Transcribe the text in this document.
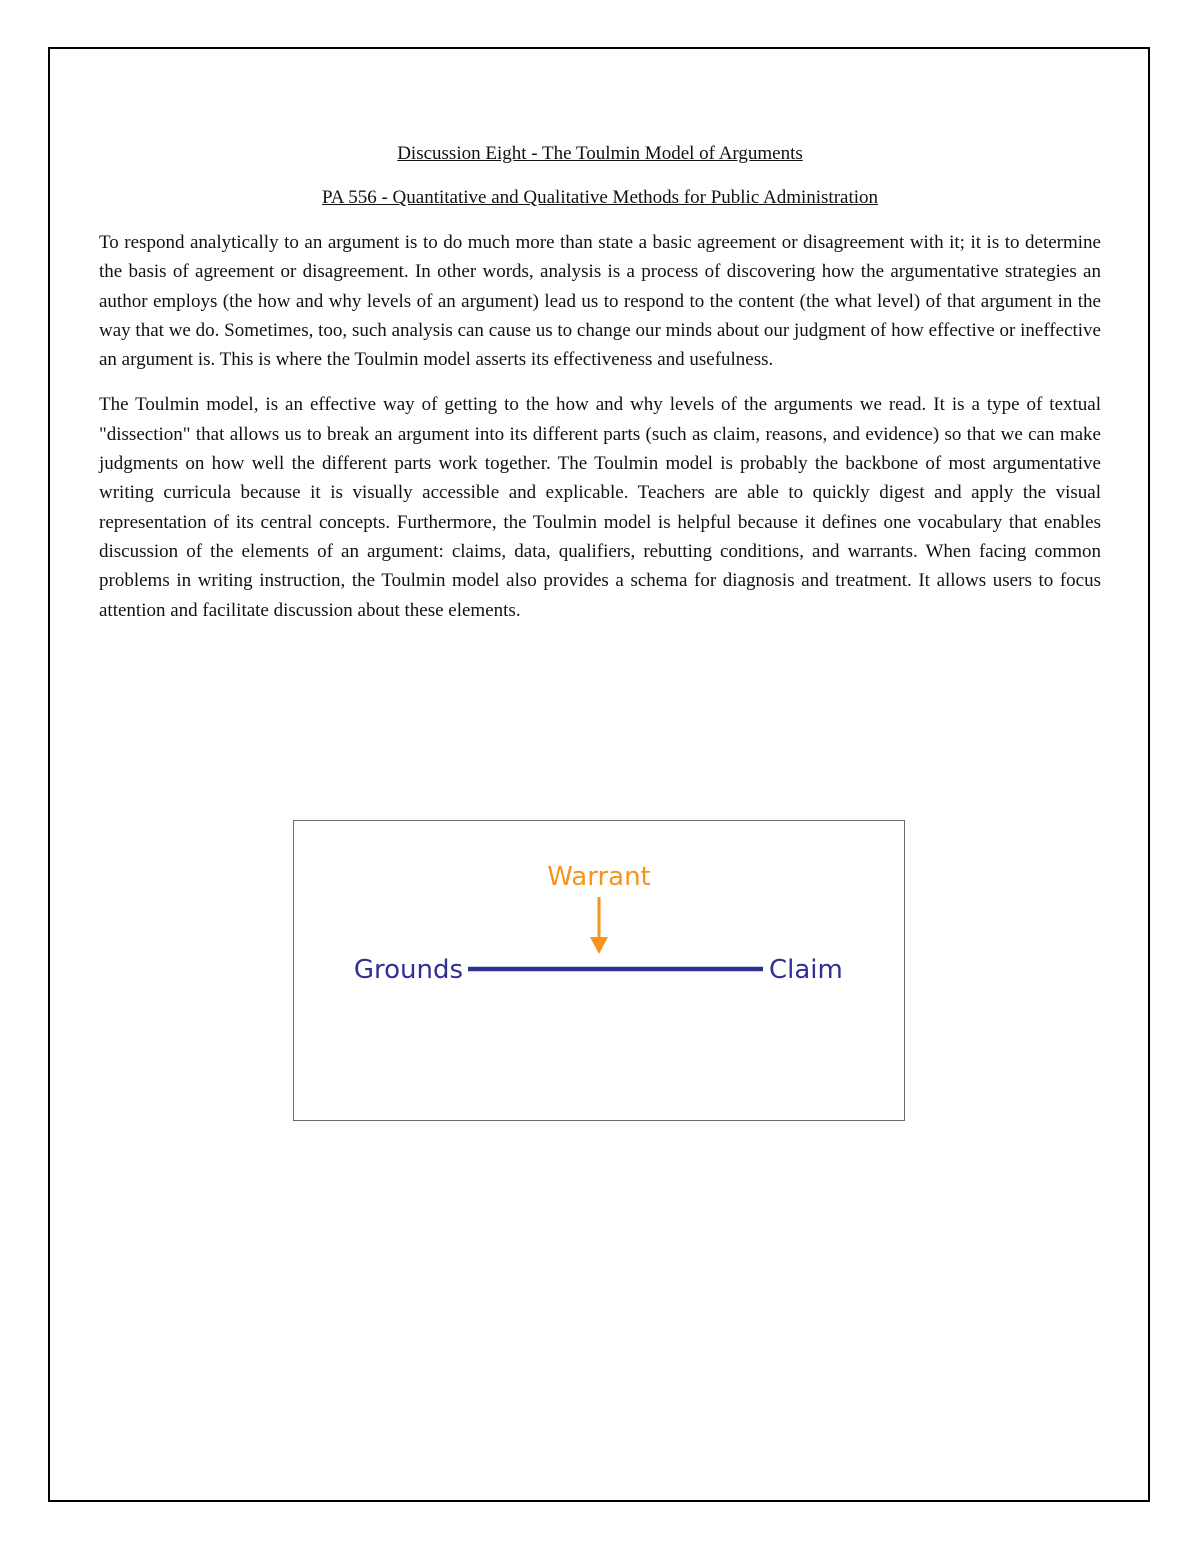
Discussion Eight - The Toulmin Model of Arguments

PA 556 - Quantitative and Qualitative Methods for Public Administration

To respond analytically to an argument is to do much more than state a basic agreement or disagreement with it; it is to determine the basis of agreement or disagreement. In other words, analysis is a process of discovering how the argumentative strategies an author employs (the how and why levels of an argument) lead us to respond to the content (the what level) of that argument in the way that we do. Sometimes, too, such analysis can cause us to change our minds about our judgment of how effective or ineffective an argument is. This is where the Toulmin model asserts its effectiveness and usefulness.

The Toulmin model, is an effective way of getting to the how and why levels of the arguments we read. It is a type of textual "dissection" that allows us to break an argument into its different parts (such as claim, reasons, and evidence) so that we can make judgments on how well the different parts work together. The Toulmin model is probably the backbone of most argumentative writing curricula because it is visually accessible and explicable. Teachers are able to quickly digest and apply the visual representation of its central concepts. Furthermore, the Toulmin model is helpful because it defines one vocabulary that enables discussion of the elements of an argument: claims, data, qualifiers, rebutting conditions, and warrants. When facing common problems in writing instruction, the Toulmin model also provides a schema for diagnosis and treatment. It allows users to focus attention and facilitate discussion about these elements.

Warrant
Grounds	Claim
